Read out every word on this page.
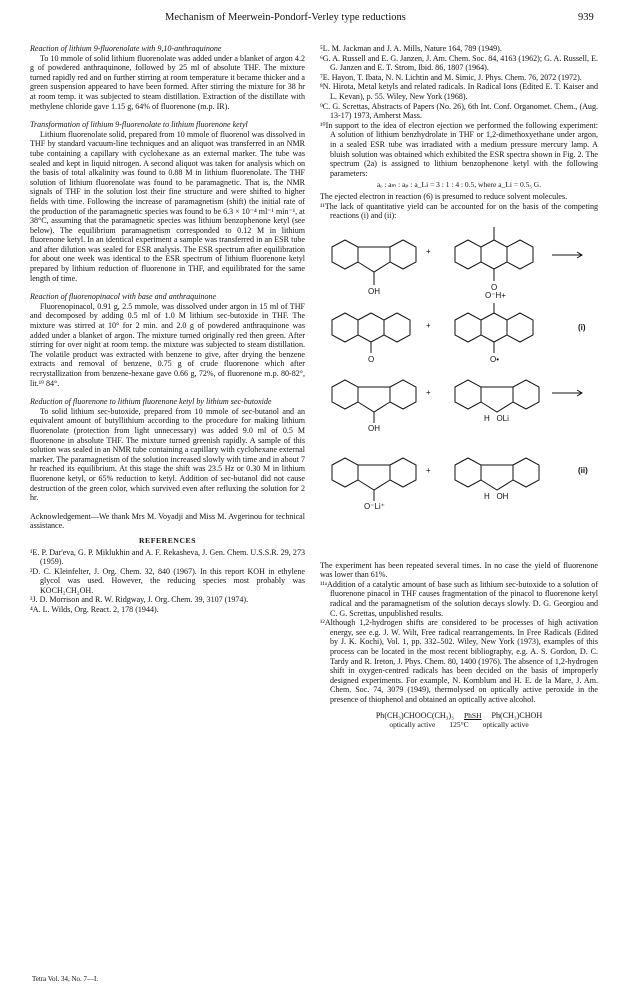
Mechanism of Meerwein-Pondorf-Verley type reductions	939

Reaction of lithium 9-fluorenolate with 9,10-anthraquinone

To 10 mmole of solid lithium fluorenolate was added under a blanket of argon 4.2 g of powdered anthraquinone, followed by 25 ml of absolute THF. The mixture turned rapidly red and on further stirring at room temperature it became thicker and a green suspension appeared to have been formed. After stirring the mixture for 38 hr at room temp. it was subjected to steam distillation. Extraction of the distillate with methylene chloride gave 1.15 g, 64% of fluorenone (m.p. IR).

Transformation of lithium 9-fluorenolate to lithium fluorenone ketyl

Lithium fluorenolate solid, prepared from 10 mmole of fluorenol was dissolved in THF by standard vacuum-line techniques and an aliquot was transferred in an NMR tube containing a capillary with cyclohexane as an external marker. The tube was sealed and kept in liquid nitrogen. A second aliquot was taken for analysis which on the basis of total alkalinity was found to 0.88 M in lithium fluorenolate. The THF solution of lithium fluorenolate was found to be paramagnetic. That is, the NMR signals of THF in the solution lost their fine structure and were shifted to higher fields with time. Following the increase of paramagnetism (shift) the initial rate of the production of the paramagnetic species was found to be 6.3 × 10⁻⁴ ml⁻¹ min⁻¹, at 38°C, assuming that the paramagnetic species was lithium benzophenone ketyl (see below). The equilibrium paramagnetism corresponded to 0.12 M in lithium fluorenone ketyl. In an identical experiment a sample was transferred in an ESR tube and after dilution was sealed for ESR analysis. The ESR spectrum after equilibration for about one week was identical to the ESR spectrum of lithium fluorenone ketyl prepared by lithium reduction of fluorenone in THF, and equilibrated for the same length of time.

Reaction of fluorenopinacol with base and anthraquinone

Fluorenopinacol, 0.91 g, 2.5 mmole, was dissolved under argon in 15 ml of THF and decomposed by adding 0.5 ml of 1.0 M lithium sec-butoxide in THF. The mixture was stirred at 10° for 2 min. and 2.0 g of powdered anthraquinone was added under a blanket of argon. The mixture turned originally red then green. After stirring for over night at room temp. the mixture was subjected to steam distillation. The volatile product was extracted with benzene to give, after drying the benzene extracts and removal of benzene, 0.75 g of crude fluorenone which after recrystallization from benzene-hexane gave 0.66 g, 72%, of fluorenone m.p. 80-82°, lit.¹⁹ 84°.

Reduction of fluorenone to lithium fluorenone ketyl by lithium sec-butoxide

To solid lithium sec-butoxide, prepared from 10 mmole of sec-butanol and an equivalent amount of butyllithium according to the procedure for making lithium fluorenolate (protection from light unnecessary) was added 9.0 ml of 0.5 M fluorenone in absolute THF. The mixture turned greenish rapidly. A sample of this solution was sealed in an NMR tube containing a capillary with cyclohexane external marker. The paramagnetism of the solution increased slowly with time and in about 7 hr reached its equilibrium. At this stage the shift was 23.5 Hz or 0.30 M in lithium fluorenone ketyl, or 65% reduction to ketyl. Addition of sec-butanol did not cause destruction of the green color, which survived even after refluxing the solution for 2 hr.

Acknowledgement—We thank Mrs M. Voyadji and Miss M. Avgerinou for technical assistance.

REFERENCES

¹E. P. Dar'eva, G. P. Miklukhin and A. F. Rekasheva, J. Gen. Chem. U.S.S.R. 29, 273 (1959).

²D. C. Kleinfelter, J. Org. Chem. 32, 840 (1967). In this report KOH in ethylene glycol was used. However, the reducing species most probably was KOCH₂CH₂OH.

³J. D. Morrison and R. W. Ridgway, J. Org. Chem. 39, 3107 (1974).

⁴A. L. Wilds, Org. React. 2, 178 (1944).

⁵L. M. Jackman and J. A. Mills, Nature 164, 789 (1949).

⁶G. A. Russell and E. G. Janzen, J. Am. Chem. Soc. 84, 4163 (1962); G. A. Russell, E. G. Janzen and E. T. Strom, Ibid. 86, 1807 (1964).

⁷E. Hayon, T. Ibata, N. N. Lichtin and M. Simic, J. Phys. Chem. 76, 2072 (1972).

⁸N. Hirota, Metal ketyls and related radicals. In Radical Ions (Edited E. T. Kaiser and L. Kevan), p. 55. Wiley, New York (1968).

⁹C. G. Screttas, Abstracts of Papers (No. 26), 6th Int. Conf. Organomet. Chem., (Aug. 13-17) 1973, Amherst Mass.

¹⁰In support to the idea of electron ejection we performed the following experiment: A solution of lithium benzhydrolate in THF or 1,2-dimethoxyethane under argon, in a sealed ESR tube was irradiated with a medium pressure mercury lamp. A bluish solution was obtained which exhibited the ESR spectra shown in Fig. 2. The spectrum (2a) is assigned to lithium benzophenone ketyl with the following parameters:

aₒ : aₘ : aₚ : a_Li = 3 : 1 : 4 : 0.5, where a_Li = 0.5₅ G.

The ejected electron in reaction (6) is presumed to reduce solvent molecules.

¹¹The lack of quantitative yield can be accounted for on the basis of the competing reactions (i) and (ii):

OH	O
O⁻H+
+
O	O•
(i)
+
+
OH
H   OLi
+
O⁻Li⁺
H   OH
(ii)

The experiment has been repeated several times. In no case the yield of fluorenone was lower than 61%.

¹¹ᵃAddition of a catalytic amount of base such as lithium sec-butoxide to a solution of fluorenone pinacol in THF causes fragmentation of the pinacol to fluorenone ketyl radical and the paramagnetism of the solution decays slowly. D. G. Georgiou and C. G. Screttas, unpublished results.

¹²Although 1,2-hydrogen shifts are considered to be processes of high activation energy, see e.g. J. W. Wilt, Free radical rearrangements. In Free Radicals (Edited by J. K. Kochi), Vol. 1, pp. 332–502. Wiley, New York (1973), examples of this process can be located in the most recent bibliography, e.g. A. S. Gordon, D. C. Tardy and R. Ireton, J. Phys. Chem. 80, 1400 (1976). The absence of 1,2-hydrogen shift in oxygen-centred radicals has been decided on the basis of improperly designed experiments. For example, N. Kornblum and H. E. de la Mare, J. Am. Chem. Soc. 74, 3079 (1949), thermolysed on optically active peroxide in the presence of thiophenol and obtained an optically active alcohol.

Ph(CH₃)CHOOC(CH₃)₃ PhSH Ph(CH₃)CHOH
optically active 125°C optically active
Tetra Vol. 34, No. 7—I.
